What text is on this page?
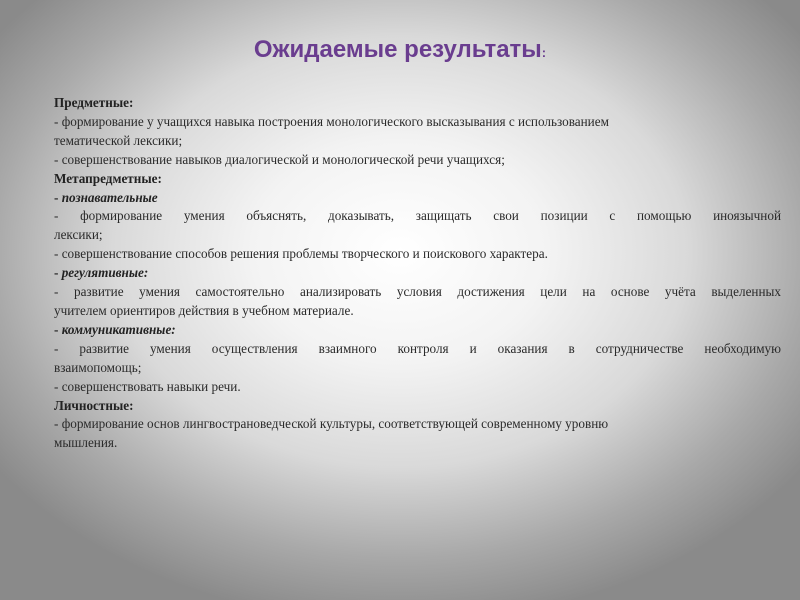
Ожидаемые результаты:
Предметные:
- формирование у учащихся навыка построения монологического высказывания с использованием
тематической лексики;
- совершенствование навыков диалогической и монологической речи учащихся;
Метапредметные:
- познавательные
- формирование умения объяснять, доказывать, защищать свои позиции с помощью иноязычной
лексики;
- совершенствование способов решения проблемы творческого и поискового характера.
- регулятивные:
- развитие умения самостоятельно анализировать условия достижения цели на основе учёта выделенных
учителем ориентиров действия в учебном материале.
- коммуникативные:
- развитие умения осуществления взаимного контроля и оказания в сотрудничестве необходимую
взаимопомощь;
- совершенствовать навыки речи.
Личностные:
- формирование основ лингвострановедческой культуры, соответствующей современному уровню
мышления.
